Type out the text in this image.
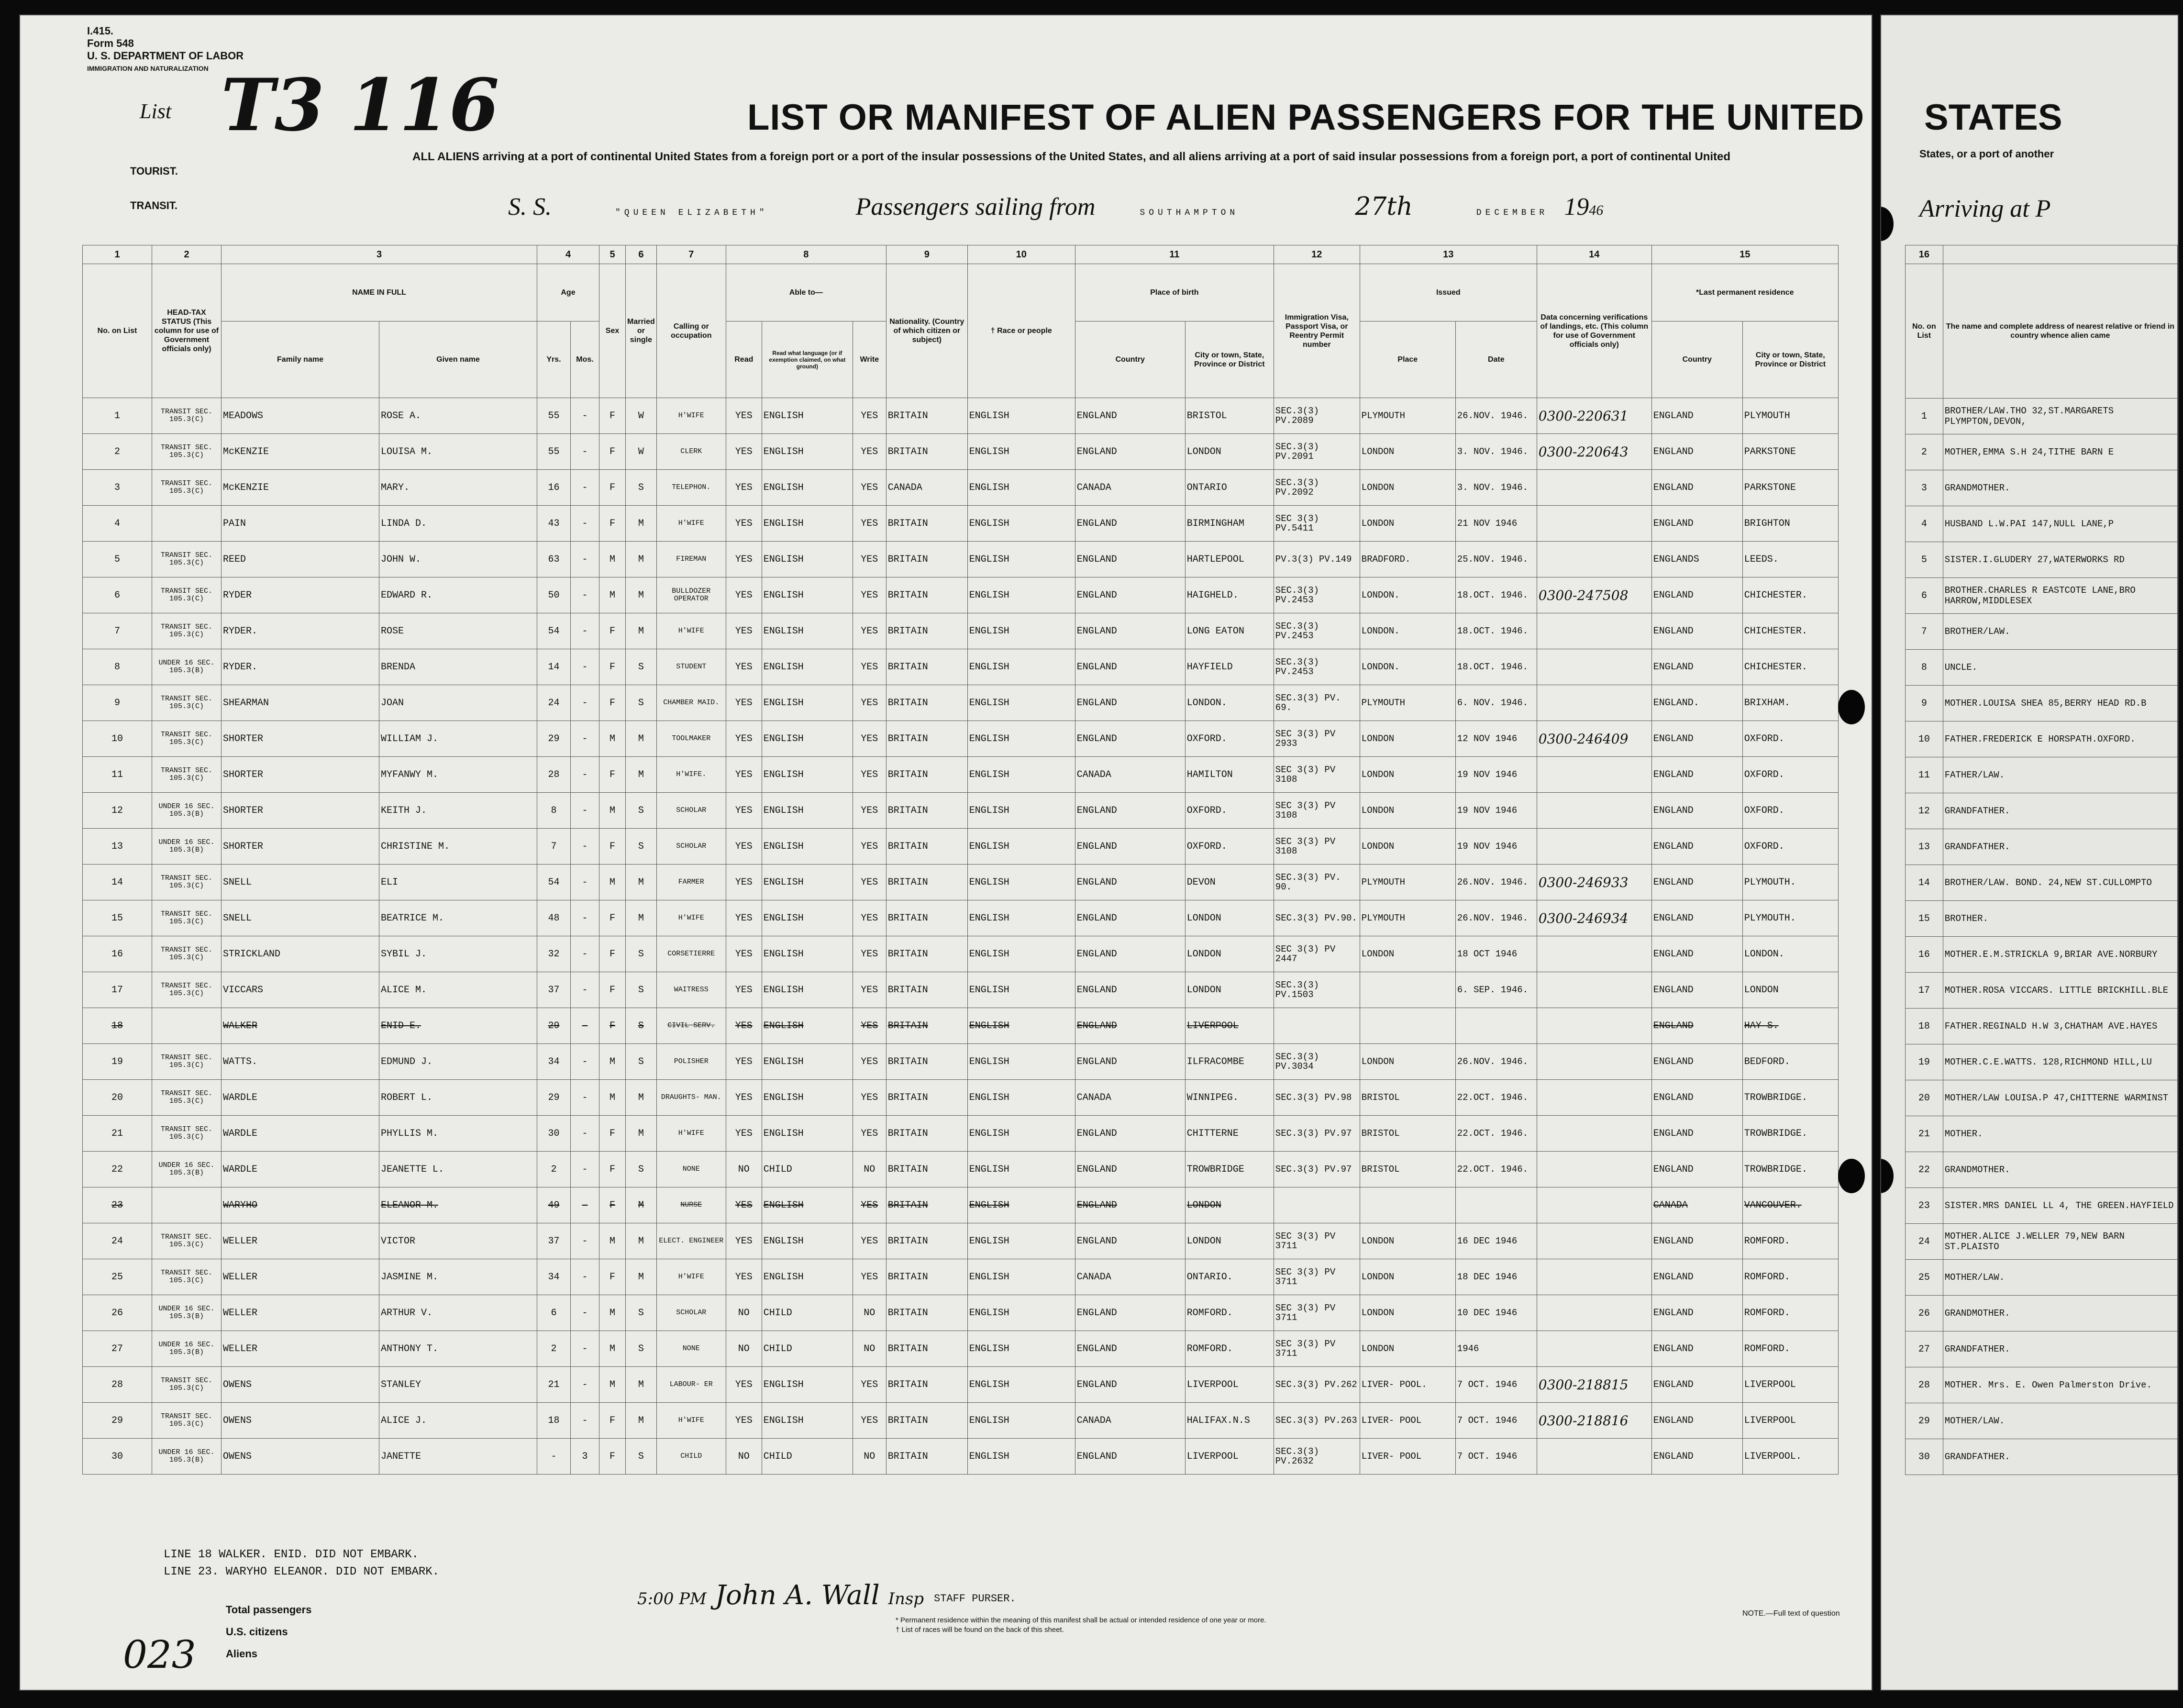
I.415.
Form 548
U. S. DEPARTMENT OF LABOR
IMMIGRATION AND NATURALIZATION
List T3 116	LIST OR MANIFEST OF ALIEN PASSENGERS FOR THE UNITED
ALL ALIENS arriving at a port of continental United States from a foreign port or a port of the insular possessions of the United States, and all aliens arriving at a port of said insular possessions from a foreign port, a port of continental United
TOURIST.
TRANSIT.	S. S.	"QUEEN ELIZABETH"	Passengers sailing from	SOUTHAMPTON	27th	DECEMBER 1946
1	2	3		4		5	6	7	8			9	10	11		12	13		14	15	
No. on List	HEAD-TAX STATUS (This column for use of Government officials only)	NAME IN FULL		Age		Sex	Married or single	Calling or occupation	Able to—			Nationality. (Country of which citizen or subject)	† Race or people	Place of birth		Immigration Visa, Passport Visa, or Reentry Permit number	Issued		Data concerning verifications of landings, etc. (This column for use of Government officials only)	*Last permanent residence	
		Family name	Given name	Yrs.	Mos.				Read	Read what language (or if exemption claimed, on what ground)	Write			Country	City or town, State, Province or District		Place	Date		Country	City or town, State, Province or District
1	TRANSIT SEC. 105.3(C)	MEADOWS	ROSE A.	55	-	F	W	H'WIFE	YES	ENGLISH	YES	BRITAIN	ENGLISH	ENGLAND	BRISTOL	SEC.3(3) PV.2089	PLYMOUTH	26.NOV. 1946.	0300-220631	ENGLAND	PLYMOUTH
2	TRANSIT SEC. 105.3(C)	McKENZIE	LOUISA M.	55	-	F	W	CLERK	YES	ENGLISH	YES	BRITAIN	ENGLISH	ENGLAND	LONDON	SEC.3(3) PV.2091	LONDON	3. NOV. 1946.	0300-220643	ENGLAND	PARKSTONE
3	TRANSIT SEC. 105.3(C)	McKENZIE	MARY.	16	-	F	S	TELEPHON.	YES	ENGLISH	YES	CANADA	ENGLISH	CANADA	ONTARIO	SEC.3(3) PV.2092	LONDON	3. NOV. 1946.		ENGLAND	PARKSTONE
4		PAIN	LINDA D.	43	-	F	M	H'WIFE	YES	ENGLISH	YES	BRITAIN	ENGLISH	ENGLAND	BIRMINGHAM	SEC 3(3) PV.5411	LONDON	21 NOV 1946		ENGLAND	BRIGHTON
5	TRANSIT SEC. 105.3(C)	REED	JOHN W.	63	-	M	M	FIREMAN	YES	ENGLISH	YES	BRITAIN	ENGLISH	ENGLAND	HARTLEPOOL	PV.3(3) PV.149	BRADFORD.	25.NOV. 1946.		ENGLANDS	LEEDS.
6	TRANSIT SEC. 105.3(C)	RYDER	EDWARD R.	50	-	M	M	BULLDOZER OPERATOR	YES	ENGLISH	YES	BRITAIN	ENGLISH	ENGLAND	HAIGHELD.	SEC.3(3) PV.2453	LONDON.	18.OCT. 1946.	0300-247508	ENGLAND	CHICHESTER.
7	TRANSIT SEC. 105.3(C)	RYDER.	ROSE	54	-	F	M	H'WIFE	YES	ENGLISH	YES	BRITAIN	ENGLISH	ENGLAND	LONG EATON	SEC.3(3) PV.2453	LONDON.	18.OCT. 1946.		ENGLAND	CHICHESTER.
8	UNDER 16 SEC. 105.3(B)	RYDER.	BRENDA	14	-	F	S	STUDENT	YES	ENGLISH	YES	BRITAIN	ENGLISH	ENGLAND	HAYFIELD	SEC.3(3) PV.2453	LONDON.	18.OCT. 1946.		ENGLAND	CHICHESTER.
9	TRANSIT SEC. 105.3(C)	SHEARMAN	JOAN	24	-	F	S	CHAMBER MAID.	YES	ENGLISH	YES	BRITAIN	ENGLISH	ENGLAND	LONDON.	SEC.3(3) PV. 69.	PLYMOUTH	6. NOV. 1946.		ENGLAND.	BRIXHAM.
10	TRANSIT SEC. 105.3(C)	SHORTER	WILLIAM J.	29	-	M	M	TOOLMAKER	YES	ENGLISH	YES	BRITAIN	ENGLISH	ENGLAND	OXFORD.	SEC 3(3) PV 2933	LONDON	12 NOV 1946	0300-246409	ENGLAND	OXFORD.
11	TRANSIT SEC. 105.3(C)	SHORTER	MYFANWY M.	28	-	F	M	H'WIFE.	YES	ENGLISH	YES	BRITAIN	ENGLISH	CANADA	HAMILTON	SEC 3(3) PV 3108	LONDON	19 NOV 1946		ENGLAND	OXFORD.
12	UNDER 16 SEC. 105.3(B)	SHORTER	KEITH J.	8	-	M	S	SCHOLAR	YES	ENGLISH	YES	BRITAIN	ENGLISH	ENGLAND	OXFORD.	SEC 3(3) PV 3108	LONDON	19 NOV 1946		ENGLAND	OXFORD.
13	UNDER 16 SEC. 105.3(B)	SHORTER	CHRISTINE M.	7	-	F	S	SCHOLAR	YES	ENGLISH	YES	BRITAIN	ENGLISH	ENGLAND	OXFORD.	SEC 3(3) PV 3108	LONDON	19 NOV 1946		ENGLAND	OXFORD.
14	TRANSIT SEC. 105.3(C)	SNELL	ELI	54	-	M	M	FARMER	YES	ENGLISH	YES	BRITAIN	ENGLISH	ENGLAND	DEVON	SEC.3(3) PV. 90.	PLYMOUTH	26.NOV. 1946.	0300-246933	ENGLAND	PLYMOUTH.
15	TRANSIT SEC. 105.3(C)	SNELL	BEATRICE M.	48	-	F	M	H'WIFE	YES	ENGLISH	YES	BRITAIN	ENGLISH	ENGLAND	LONDON	SEC.3(3) PV.90.	PLYMOUTH	26.NOV. 1946.	0300-246934	ENGLAND	PLYMOUTH.
16	TRANSIT SEC. 105.3(C)	STRICKLAND	SYBIL J.	32	-	F	S	CORSETIERRE	YES	ENGLISH	YES	BRITAIN	ENGLISH	ENGLAND	LONDON	SEC 3(3) PV 2447	LONDON	18 OCT 1946		ENGLAND	LONDON.
17	TRANSIT SEC. 105.3(C)	VICCARS	ALICE M.	37	-	F	S	WAITRESS	YES	ENGLISH	YES	BRITAIN	ENGLISH	ENGLAND	LONDON	SEC.3(3) PV.1503		6. SEP. 1946.		ENGLAND	LONDON
18		WALKER	ENID E.	29	-	F	S	CIVIL SERV.	YES	ENGLISH	YES	BRITAIN	ENGLISH	ENGLAND	LIVERPOOL					ENGLAND	HAY S.
19	TRANSIT SEC. 105.3(C)	WATTS.	EDMUND J.	34	-	M	S	POLISHER	YES	ENGLISH	YES	BRITAIN	ENGLISH	ENGLAND	ILFRACOMBE	SEC.3(3) PV.3034	LONDON	26.NOV. 1946.		ENGLAND	BEDFORD.
20	TRANSIT SEC. 105.3(C)	WARDLE	ROBERT L.	29	-	M	M	DRAUGHTS- MAN.	YES	ENGLISH	YES	BRITAIN	ENGLISH	CANADA	WINNIPEG.	SEC.3(3) PV.98	BRISTOL	22.OCT. 1946.		ENGLAND	TROWBRIDGE.
21	TRANSIT SEC. 105.3(C)	WARDLE	PHYLLIS M.	30	-	F	M	H'WIFE	YES	ENGLISH	YES	BRITAIN	ENGLISH	ENGLAND	CHITTERNE	SEC.3(3) PV.97	BRISTOL	22.OCT. 1946.		ENGLAND	TROWBRIDGE.
22	UNDER 16 SEC. 105.3(B)	WARDLE	JEANETTE L.	2	-	F	S	NONE	NO	CHILD	NO	BRITAIN	ENGLISH	ENGLAND	TROWBRIDGE	SEC.3(3) PV.97	BRISTOL	22.OCT. 1946.		ENGLAND	TROWBRIDGE.
23		WARYHO	ELEANOR M.	49	-	F	M	NURSE	YES	ENGLISH	YES	BRITAIN	ENGLISH	ENGLAND	LONDON					CANADA	VANCOUVER.
24	TRANSIT SEC. 105.3(C)	WELLER	VICTOR	37	-	M	M	ELECT. ENGINEER	YES	ENGLISH	YES	BRITAIN	ENGLISH	ENGLAND	LONDON	SEC 3(3) PV 3711	LONDON	16 DEC 1946		ENGLAND	ROMFORD.
25	TRANSIT SEC. 105.3(C)	WELLER	JASMINE M.	34	-	F	M	H'WIFE	YES	ENGLISH	YES	BRITAIN	ENGLISH	CANADA	ONTARIO.	SEC 3(3) PV 3711	LONDON	18 DEC 1946		ENGLAND	ROMFORD.
26	UNDER 16 SEC. 105.3(B)	WELLER	ARTHUR V.	6	-	M	S	SCHOLAR	NO	CHILD	NO	BRITAIN	ENGLISH	ENGLAND	ROMFORD.	SEC 3(3) PV 3711	LONDON	10 DEC 1946		ENGLAND	ROMFORD.
27	UNDER 16 SEC. 105.3(B)	WELLER	ANTHONY T.	2	-	M	S	NONE	NO	CHILD	NO	BRITAIN	ENGLISH	ENGLAND	ROMFORD.	SEC 3(3) PV 3711	LONDON	1946		ENGLAND	ROMFORD.
28	TRANSIT SEC. 105.3(C)	OWENS	STANLEY	21	-	M	M	LABOUR- ER	YES	ENGLISH	YES	BRITAIN	ENGLISH	ENGLAND	LIVERPOOL	SEC.3(3) PV.262	LIVER- POOL.	7 OCT. 1946	0300-218815	ENGLAND	LIVERPOOL
29	TRANSIT SEC. 105.3(C)	OWENS	ALICE J.	18	-	F	M	H'WIFE	YES	ENGLISH	YES	BRITAIN	ENGLISH	CANADA	HALIFAX.N.S	SEC.3(3) PV.263	LIVER- POOL	7 OCT. 1946	0300-218816	ENGLAND	LIVERPOOL
30	UNDER 16 SEC. 105.3(B)	OWENS	JANETTE	-	3	F	S	CHILD	NO	CHILD	NO	BRITAIN	ENGLISH	ENGLAND	LIVERPOOL	SEC.3(3) PV.2632	LIVER- POOL	7 OCT. 1946		ENGLAND	LIVERPOOL.
LINE 18 WALKER. ENID. DID NOT EMBARK.
LINE 23. WARYHO ELEANOR. DID NOT EMBARK.
5:00 PM John A. Wall Insp STAFF PURSER.
Total passengers
U.S. citizens
Aliens
* Permanent residence within the meaning of this manifest shall be actual or intended residence of one year or more.
† List of races will be found on the back of this sheet.
NOTE.—Full text of question
023
STATES
States, or a port of another
Arriving at P
16	
No. on List	The name and complete address of nearest relative or friend in country whence alien came
1	BROTHER/LAW.THO 32,ST.MARGARETS PLYMPTON,DEVON,
2	MOTHER,EMMA S.H 24,TITHE BARN E
3	GRANDMOTHER.
4	HUSBAND L.W.PAI 147,NULL LANE,P
5	SISTER.I.GLUDERY 27,WATERWORKS RD
6	BROTHER.CHARLES R EASTCOTE LANE,BRO HARROW,MIDDLESEX
7	BROTHER/LAW.
8	UNCLE.
9	MOTHER.LOUISA SHEA 85,BERRY HEAD RD.B
10	FATHER.FREDERICK E HORSPATH.OXFORD.
11	FATHER/LAW.
12	GRANDFATHER.
13	GRANDFATHER.
14	BROTHER/LAW. BOND. 24,NEW ST.CULLOMPTO
15	BROTHER.
16	MOTHER.E.M.STRICKLA 9,BRIAR AVE.NORBURY
17	MOTHER.ROSA VICCARS. LITTLE BRICKHILL.BLE
18	FATHER.REGINALD H.W 3,CHATHAM AVE.HAYES
19	MOTHER.C.E.WATTS. 128,RICHMOND HILL,LU
20	MOTHER/LAW LOUISA.P 47,CHITTERNE WARMINST
21	MOTHER.
22	GRANDMOTHER.
23	SISTER.MRS DANIEL LL 4, THE GREEN.HAYFIELD
24	MOTHER.ALICE J.WELLER 79,NEW BARN ST.PLAISTO
25	MOTHER/LAW.
26	GRANDMOTHER.
27	GRANDFATHER.
28	MOTHER. Mrs. E. Owen Palmerston Drive.
29	MOTHER/LAW.
30	GRANDFATHER.
